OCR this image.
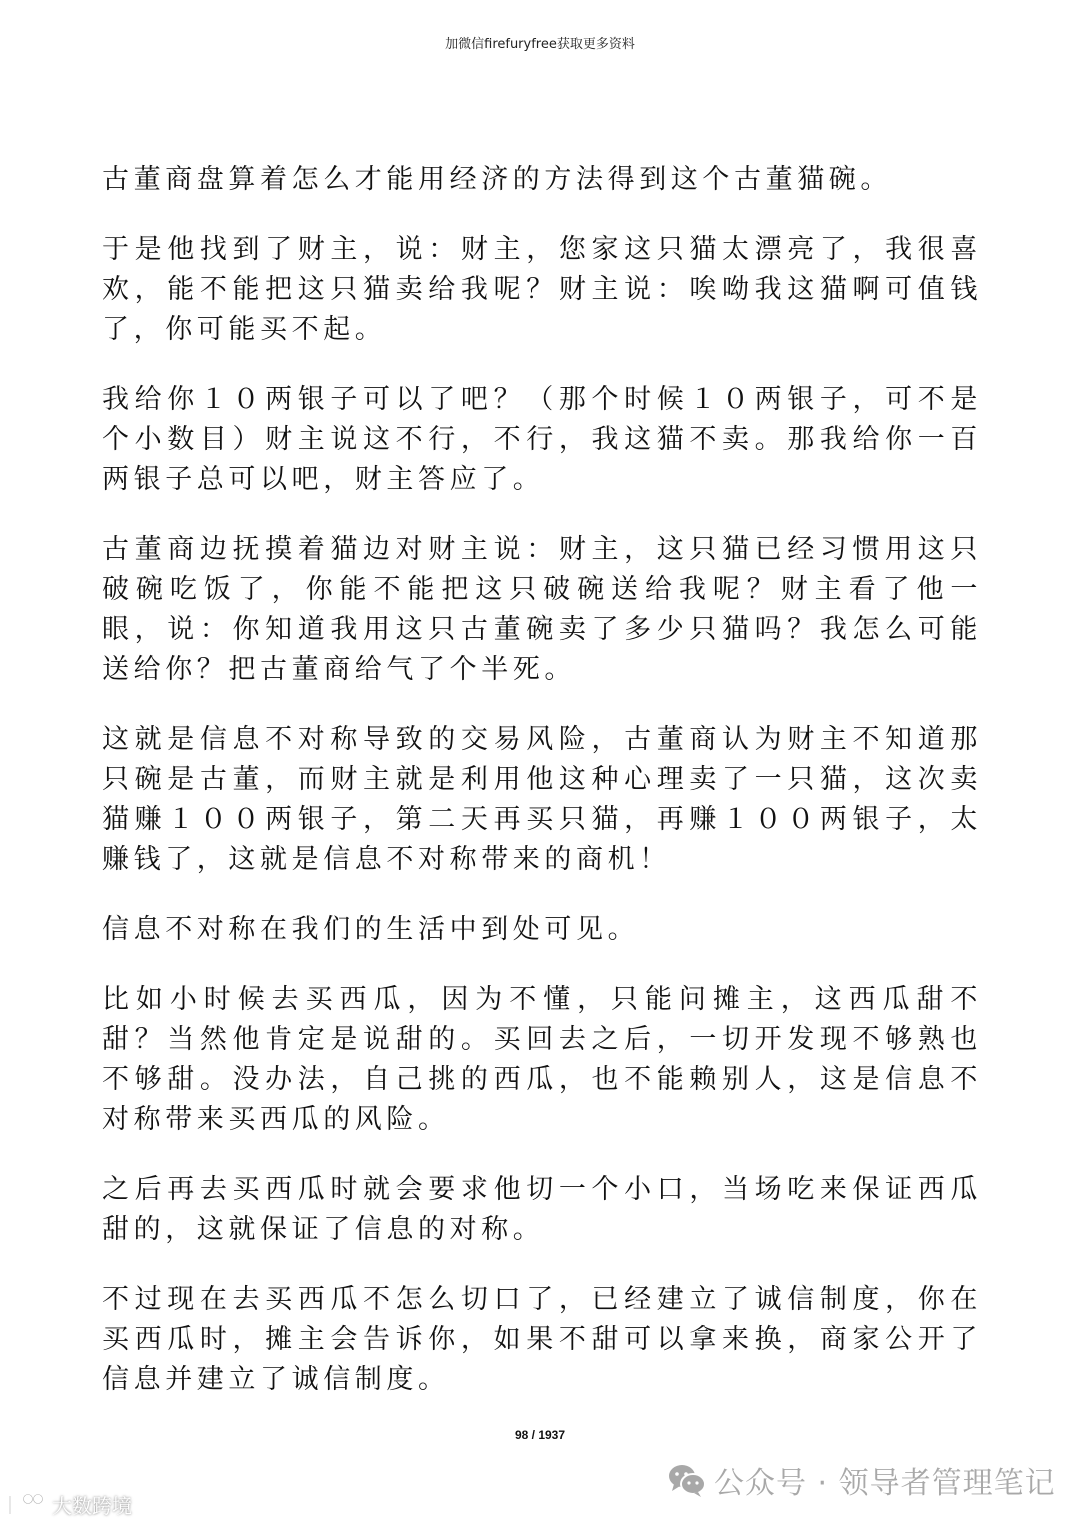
加微信firefuryfree获取更多资料

古董商盘算着怎么才能用经济的方法得到这个古董猫碗。

于是他找到了财主，说：财主，您家这只猫太漂亮了，我很喜欢，能不能把这只猫卖给我呢？财主说：唉呦我这猫啊可值钱了，你可能买不起。

我给你１０两银子可以了吧？（那个时候１０两银子，可不是个小数目）财主说这不行，不行，我这猫不卖。那我给你一百两银子总可以吧，财主答应了。

古董商边抚摸着猫边对财主说：财主，这只猫已经习惯用这只破碗吃饭了，你能不能把这只破碗送给我呢？财主看了他一眼，说：你知道我用这只古董碗卖了多少只猫吗？我怎么可能送给你？把古董商给气了个半死。

这就是信息不对称导致的交易风险，古董商认为财主不知道那只碗是古董，而财主就是利用他这种心理卖了一只猫，这次卖猫赚１００两银子，第二天再买只猫，再赚１００两银子，太赚钱了，这就是信息不对称带来的商机！

信息不对称在我们的生活中到处可见。

比如小时候去买西瓜，因为不懂，只能问摊主，这西瓜甜不甜？当然他肯定是说甜的。买回去之后，一切开发现不够熟也不够甜。没办法，自己挑的西瓜，也不能赖别人，这是信息不对称带来买西瓜的风险。

之后再去买西瓜时就会要求他切一个小口，当场吃来保证西瓜甜的，这就保证了信息的对称。

不过现在去买西瓜不怎么切口了，已经建立了诚信制度，你在买西瓜时，摊主会告诉你，如果不甜可以拿来换，商家公开了信息并建立了诚信制度。

98 / 1937
公众号 · 领导者管理笔记
大数跨境
